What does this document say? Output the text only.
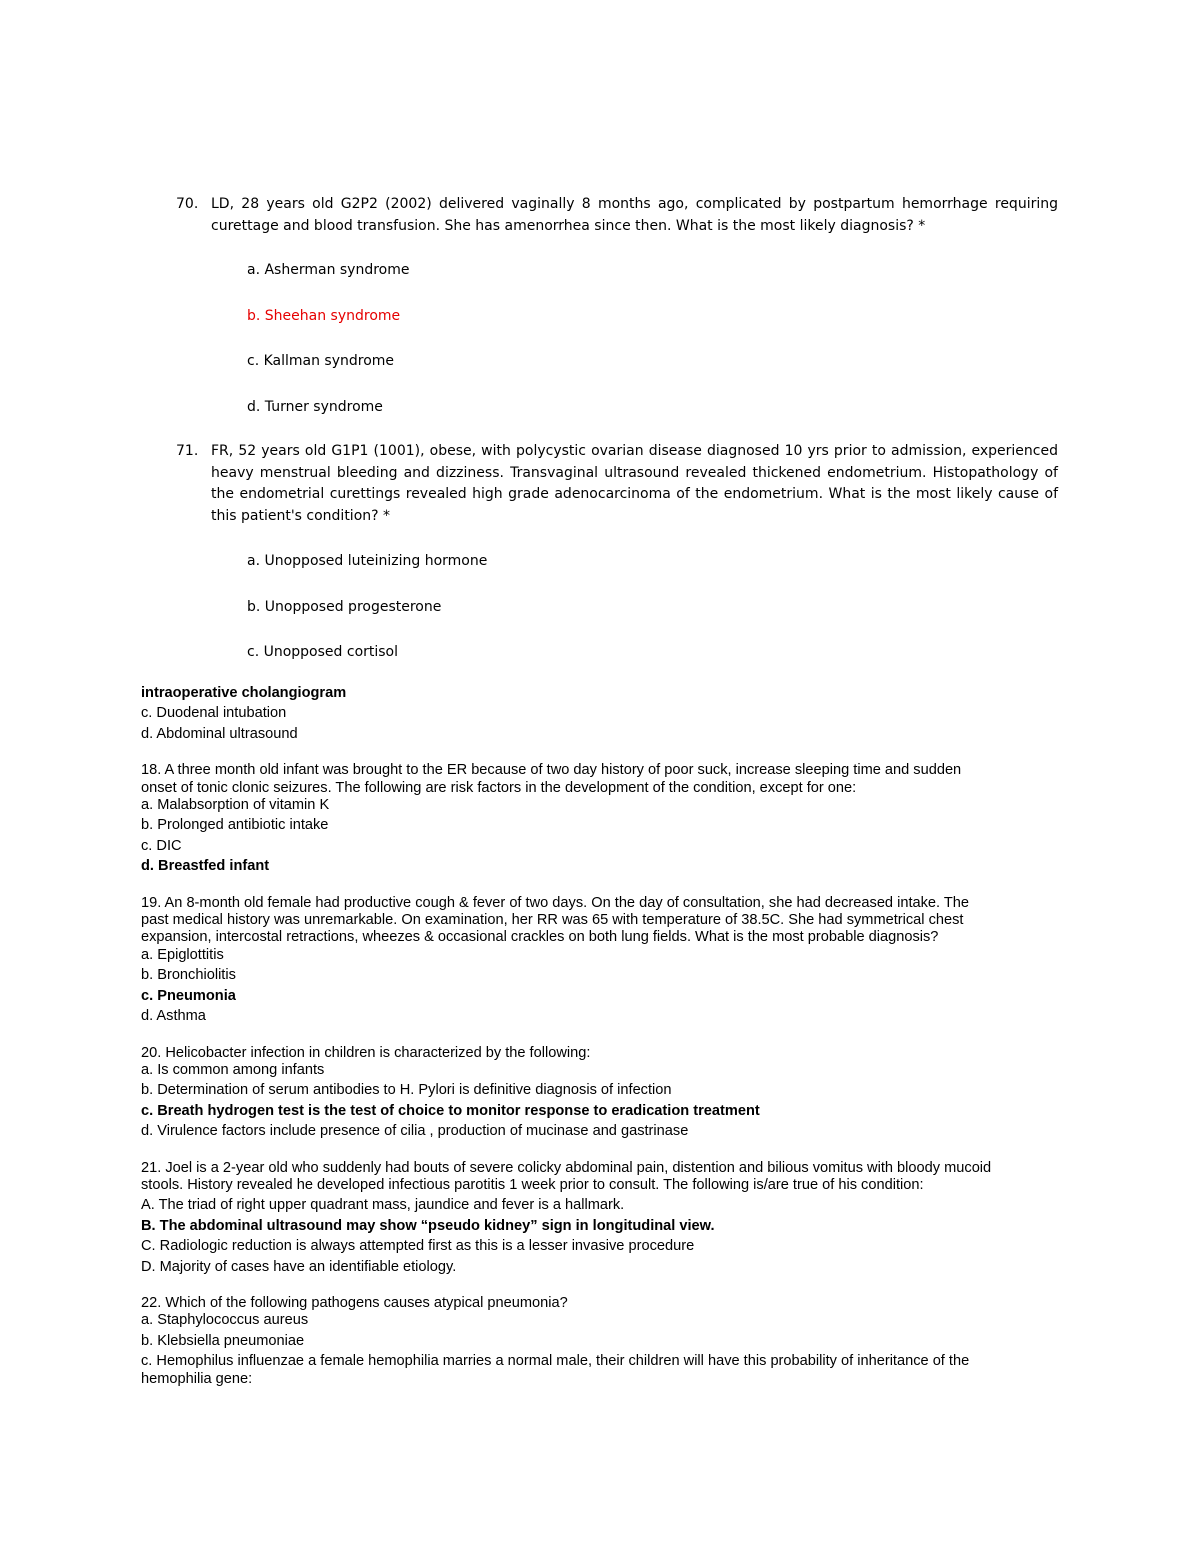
70. LD, 28 years old G2P2 (2002) delivered vaginally 8 months ago, complicated by postpartum hemorrhage requiring curettage and blood transfusion. She has amenorrhea since then. What is the most likely diagnosis? *

a. Asherman syndrome

b. Sheehan syndrome

c. Kallman syndrome

d. Turner syndrome

71. FR, 52 years old G1P1 (1001), obese, with polycystic ovarian disease diagnosed 10 yrs prior to admission, experienced heavy menstrual bleeding and dizziness. Transvaginal ultrasound revealed thickened endometrium. Histopathology of the endometrial curettings revealed high grade adenocarcinoma of the endometrium. What is the most likely cause of this patient's condition? *

a. Unopposed luteinizing hormone

b. Unopposed progesterone

c. Unopposed cortisol

intraoperative cholangiogram

c. Duodenal intubation

d. Abdominal ultrasound

18. A three month old infant was brought to the ER because of two day history of poor suck, increase sleeping time and sudden

onset of tonic clonic seizures. The following are risk factors in the development of the condition, except for one:

a. Malabsorption of vitamin K

b. Prolonged antibiotic intake

c. DIC

d. Breastfed infant

19. An 8-month old female had productive cough & fever of two days. On the day of consultation, she had decreased intake. The

past medical history was unremarkable. On examination, her RR was 65 with temperature of 38.5C. She had symmetrical chest

expansion, intercostal retractions, wheezes & occasional crackles on both lung fields. What is the most probable diagnosis?

a. Epiglottitis

b. Bronchiolitis

c. Pneumonia

d. Asthma

20. Helicobacter infection in children is characterized by the following:

a. Is common among infants

b. Determination of serum antibodies to H. Pylori is definitive diagnosis of infection

c. Breath hydrogen test is the test of choice to monitor response to eradication treatment

d. Virulence factors include presence of cilia , production of mucinase and gastrinase

21. Joel is a 2-year old who suddenly had bouts of severe colicky abdominal pain, distention and bilious vomitus with bloody mucoid

stools. History revealed he developed infectious parotitis 1 week prior to consult. The following is/are true of his condition:

A. The triad of right upper quadrant mass, jaundice and fever is a hallmark.

B. The abdominal ultrasound may show “pseudo kidney” sign in longitudinal view.

C. Radiologic reduction is always attempted first as this is a lesser invasive procedure

D. Majority of cases have an identifiable etiology.

22. Which of the following pathogens causes atypical pneumonia?

a. Staphylococcus aureus

b. Klebsiella pneumoniae

c. Hemophilus influenzae a female hemophilia marries a normal male, their children will have this probability of inheritance of the

hemophilia gene:
